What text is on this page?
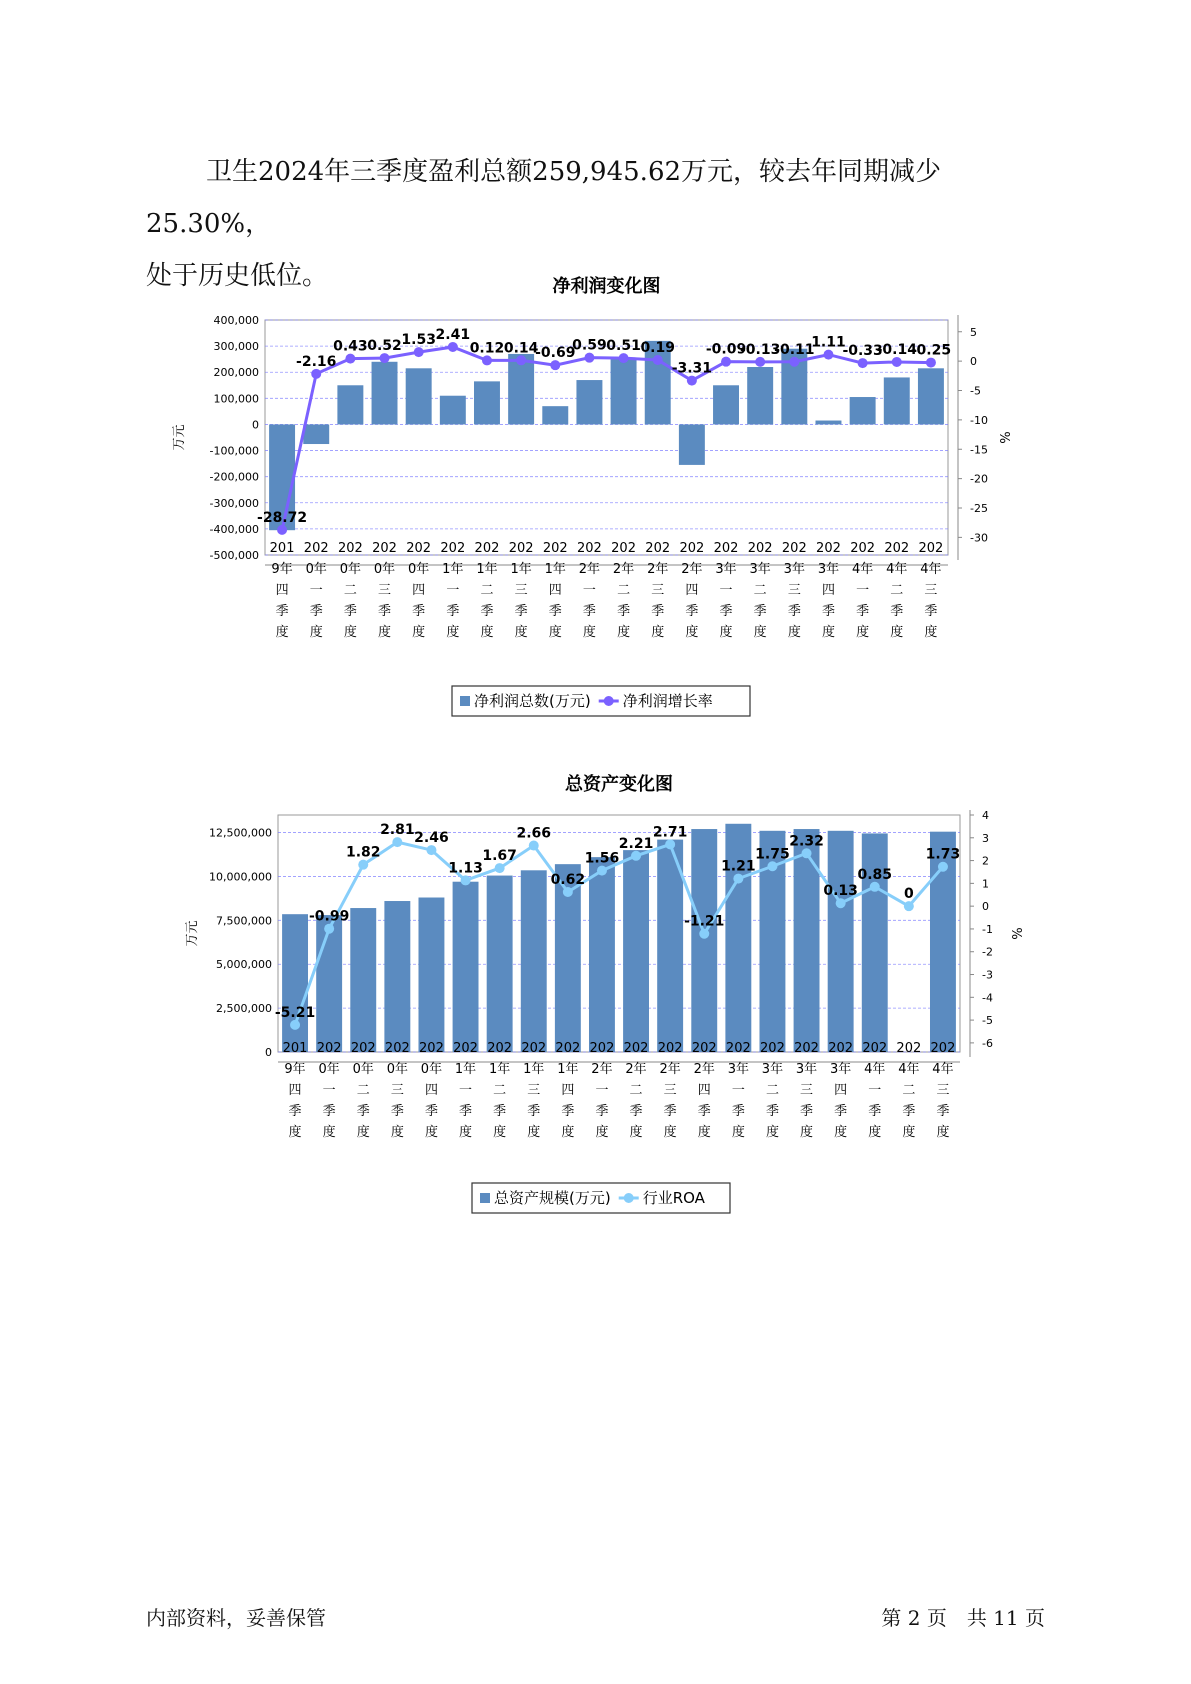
卫生2024年三季度盈利总额259,945.62万元，较去年同期减少25.30%，
处于历史低位。	净利润变化图
400,000
300,000
200,000
100,000
0
-100,000
-200,000
-300,000
-400,000
-500,000
5
0
-5
-10
-15
-20
-25
-30
万元	%
-28.72
-2.16
0.43 0.52 1.53 2.41
0.12 0.14
-0.69
0.59 0.51 0.19
-3.31
-0.09
-0.13
-0.11
1.11
-0.33
-0.14
-0.25
201
9年
四
季
度
202
0年
一
季
度
202
0年
二
季
度
202
0年
三
季
度
202
0年
四
季
度
202
1年
一
季
度
202
1年
二
季
度
202
1年
三
季
度
202
1年
四
季
度
202
2年
一
季
度
202
2年
二
季
度
202
2年
三
季
度
202
2年
四
季
度
202
3年
一
季
度
202
3年
二
季
度
202
3年
三
季
度
202
3年
四
季
度
202
4年
一
季
度
202
4年
二
季
度
202
4年
三
季
度
净利润总数(万元) 净利润增长率
总资产变化图
12,500,000
10,000,000
7,500,000
5,000,000
2,500,000
0
4
3
2
1
0
-1
-2
-3
-4
-5
-6
万元	%
-5.21
-0.99
1.82
2.81 2.46
1.13
1.67
2.66
0.62
1.56
2.21
2.71
-1.21
1.21
1.75
2.32
0.13
0.85
0
1.73
201
9年
四
季
度
202
0年
一
季
度
202
0年
二
季
度
202
0年
三
季
度
202
0年
四
季
度
202
1年
一
季
度
202
1年
二
季
度
202
1年
三
季
度
202
1年
四
季
度
202
2年
一
季
度
202
2年
二
季
度
202
2年
三
季
度
202
2年
四
季
度
202
3年
一
季
度
202
3年
二
季
度
202
3年
三
季
度
202
3年
四
季
度
202
4年
一
季
度
202
4年
二
季
度
202
4年
三
季
度
总资产规模(万元) 行业ROA
内部资料，妥善保管	第 2 页　共 11 页
